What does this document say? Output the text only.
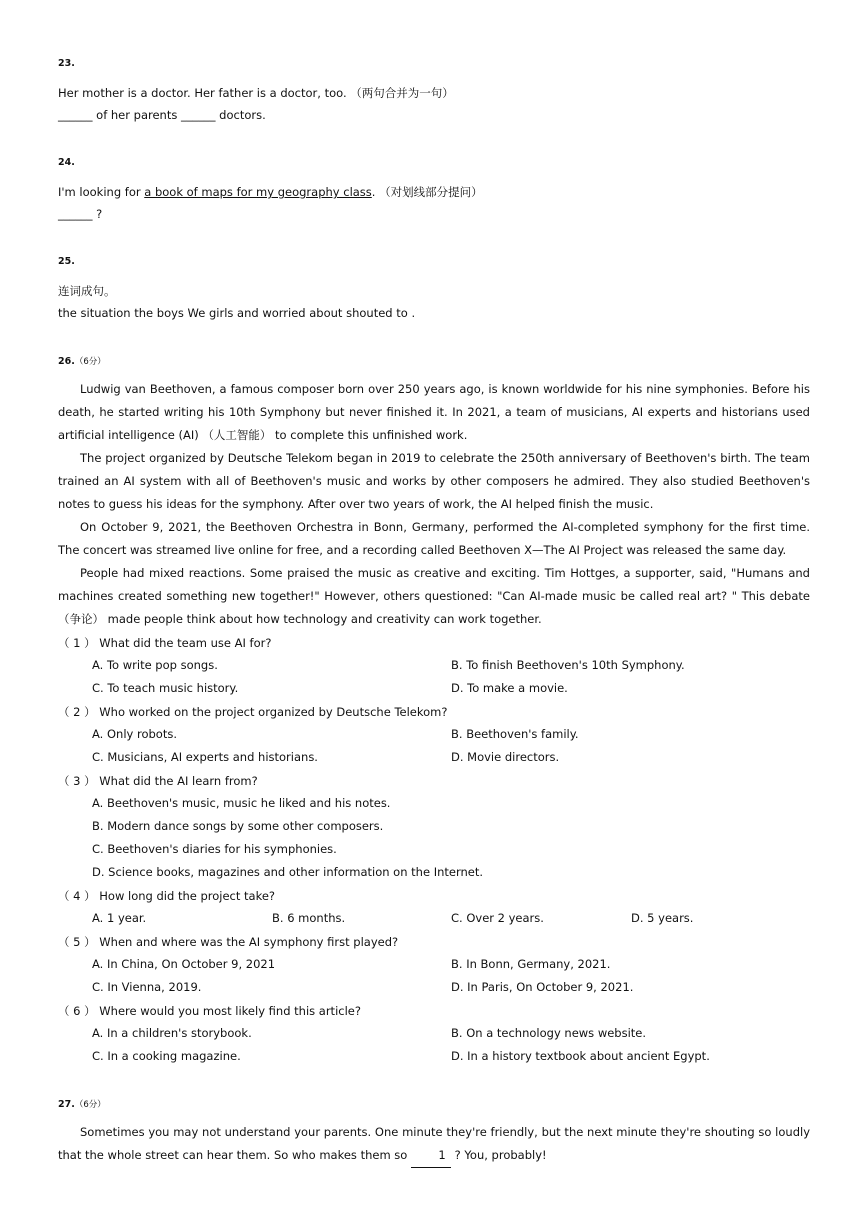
23.
Her mother is a doctor. Her father is a doctor, too. （两句合并为一句）
______ of her parents ______ doctors.
24.
I'm looking for a book of maps for my geography class. （对划线部分提问）
______ ?
25.
连词成句。
the situation the boys We girls and worried about shouted to .
26.（6分）
Ludwig van Beethoven, a famous composer born over 250 years ago, is known worldwide for his nine symphonies. Before his death, he started writing his 10th Symphony but never finished it. In 2021, a team of musicians, AI experts and historians used artificial intelligence (AI) （人工智能） to complete this unfinished work.
The project organized by Deutsche Telekom began in 2019 to celebrate the 250th anniversary of Beethoven's birth. The team trained an AI system with all of Beethoven's music and works by other composers he admired. They also studied Beethoven's notes to guess his ideas for the symphony. After over two years of work, the AI helped finish the music.
On October 9, 2021, the Beethoven Orchestra in Bonn, Germany, performed the AI-completed symphony for the first time. The concert was streamed live online for free, and a recording called Beethoven X—The AI Project was released the same day.
People had mixed reactions. Some praised the music as creative and exciting. Tim Hottges, a supporter, said, "Humans and machines created something new together!" However, others questioned: "Can AI-made music be called real art? " This debate （争论） made people think about how technology and creativity can work together.
（ 1 ） What did the team use AI for?
A. To write pop songs.	B. To finish Beethoven's 10th Symphony.
C. To teach music history.	D. To make a movie.
（ 2 ） Who worked on the project organized by Deutsche Telekom?
A. Only robots.	B. Beethoven's family.
C. Musicians, AI experts and historians.	D. Movie directors.
（ 3 ） What did the AI learn from?
A. Beethoven's music, music he liked and his notes.
B. Modern dance songs by some other composers.
C. Beethoven's diaries for his symphonies.
D. Science books, magazines and other information on the Internet.
（ 4 ） How long did the project take?
A. 1 year.	B. 6 months.	C. Over 2 years.	D. 5 years.
（ 5 ） When and where was the AI symphony first played?
A. In China, On October 9, 2021	B. In Bonn, Germany, 2021.
C. In Vienna, 2019.	D. In Paris, On October 9, 2021.
（ 6 ） Where would you most likely find this article?
A. In a children's storybook.	B. On a technology news website.
C. In a cooking magazine.	D. In a history textbook about ancient Egypt.
27.（6分）
Sometimes you may not understand your parents. One minute they're friendly, but the next minute they're shouting so loudly that the whole street can hear them. So who makes them so 1 ? You, probably!
